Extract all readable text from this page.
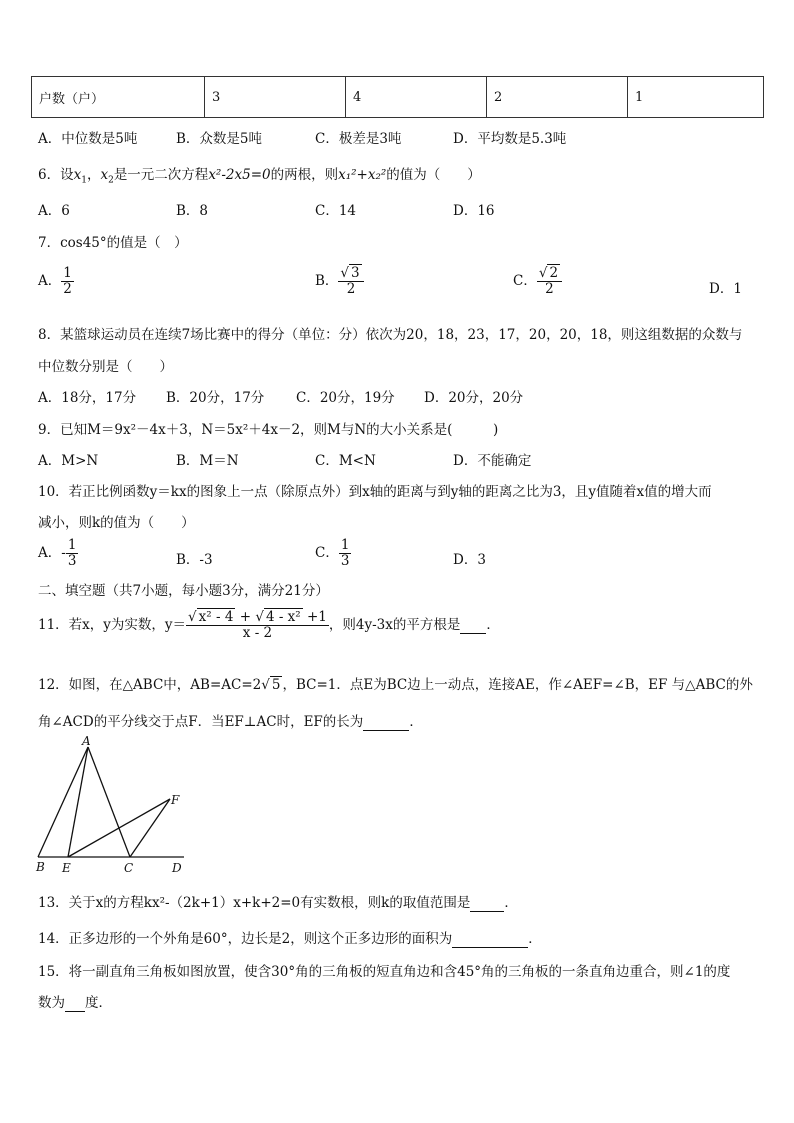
户数（户）	3	4	2	1
A．中位数是5吨	B．众数是5吨	C．极差是3吨	D．平均数是5.3吨
6．设$x_1$，$x_2$是一元二次方程x²-2x5=0的两根，则x₁²+x₂²的值为（　　）
A．6	B．8	C．14	D．16
7．cos45°的值是（　）
A． $\frac{1}{2}$	B． $\frac{√ 3}{2}$	C． $\frac{√ 2}{2}$	D．1
8．某篮球运动员在连续7场比赛中的得分（单位：分）依次为20，18，23，17，20，20，18，则这组数据的众数与
中位数分别是（　　）
A．18分，17分 B．20分，17分 C．20分，19分 D．20分，20分
9．已知M＝9x²－4x＋3，N＝5x²＋4x－2，则M与N的大小关系是(　　　)
A．M>N	B．M＝N	C．M<N	D．不能确定
10．若正比例函数y＝kx的图象上一点（除原点外）到x轴的距离与到y轴的距离之比为3，且y值随着x值的增大而
减小，则k的值为（　　）
A．- $\frac{1}{3}$	B．-3	C． $\frac{1}{3}$	D．3
二、填空题（共7小题，每小题3分，满分21分）
11．若x，y为实数，$y= \frac{\text{√ x² - 4 + √ 4 - x² +1}}{x - 2}$ ，则4y-3x的平方根是 ．
12．如图，在△ABC中，AB=AC=2√ 5 ，BC=1．点E为BC边上一动点，连接AE，作∠AEF=∠B，EF 与△ABC的外
角∠ACD的平分线交于点F．当EF⊥AC时，EF的长为	．
A
B E	C	D
F
13．关于x的方程kx²-（2k+1）x+k+2=0有实数根，则k的取值范围是	．
14．正多边形的一个外角是60°，边长是2，则这个正多边形的面积为	．
15．将一副直角三角板如图放置，使含30°角的三角板的短直角边和含45°角的三角板的一条直角边重合，则∠1的度
数为 度．
